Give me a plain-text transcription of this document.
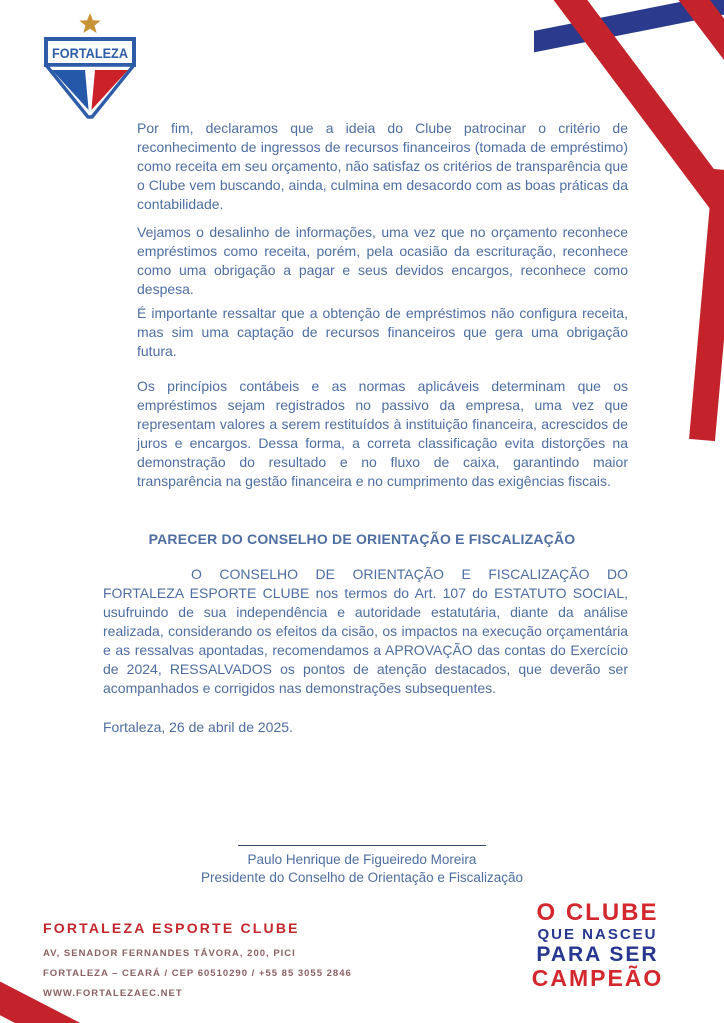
FORTALEZA

Por fim, declaramos que a ideia do Clube patrocinar o critério de reconhecimento de ingressos de recursos financeiros (tomada de empréstimo) como receita em seu orçamento, não satisfaz os critérios de transparência que o Clube vem buscando, ainda, culmina em desacordo com as boas práticas da contabilidade.

Vejamos o desalinho de informações, uma vez que no orçamento reconhece empréstimos como receita, porém, pela ocasião da escrituração, reconhece como uma obrigação a pagar e seus devidos encargos, reconhece como despesa.

É importante ressaltar que a obtenção de empréstimos não configura receita, mas sim uma captação de recursos financeiros que gera uma obrigação futura.

Os princípios contábeis e as normas aplicáveis determinam que os empréstimos sejam registrados no passivo da empresa, uma vez que representam valores a serem restituídos à instituição financeira, acrescidos de juros e encargos. Dessa forma, a correta classificação evita distorções na demonstração do resultado e no fluxo de caixa, garantindo maior transparência na gestão financeira e no cumprimento das exigências fiscais.

PARECER DO CONSELHO DE ORIENTAÇÃO E FISCALIZAÇÃO

O CONSELHO DE ORIENTAÇÃO E FISCALIZAÇÃO DO FORTALEZA ESPORTE CLUBE nos termos do Art. 107 do ESTATUTO SOCIAL, usufruindo de sua independência e autoridade estatutária, diante da análise realizada, considerando os efeitos da cisão, os impactos na execução orçamentária e as ressalvas apontadas, recomendamos a APROVAÇÃO das contas do Exercício de 2024, RESSALVADOS os pontos de atenção destacados, que deverão ser acompanhados e corrigidos nas demonstrações subsequentes.

Fortaleza, 26 de abril de 2025.
Paulo Henrique de Figueiredo Moreira
Presidente do Conselho de Orientação e Fiscalização

FORTALEZA ESPORTE CLUBE

AV, SENADOR FERNANDES TÁVORA, 200, PICI

FORTALEZA – CEARÁ / CEP 60510290 / +55 85 3055 2846

WWW.FORTALEZAEC.NET

O CLUBE
QUE NASCEU
PARA SER
CAMPEÃO
